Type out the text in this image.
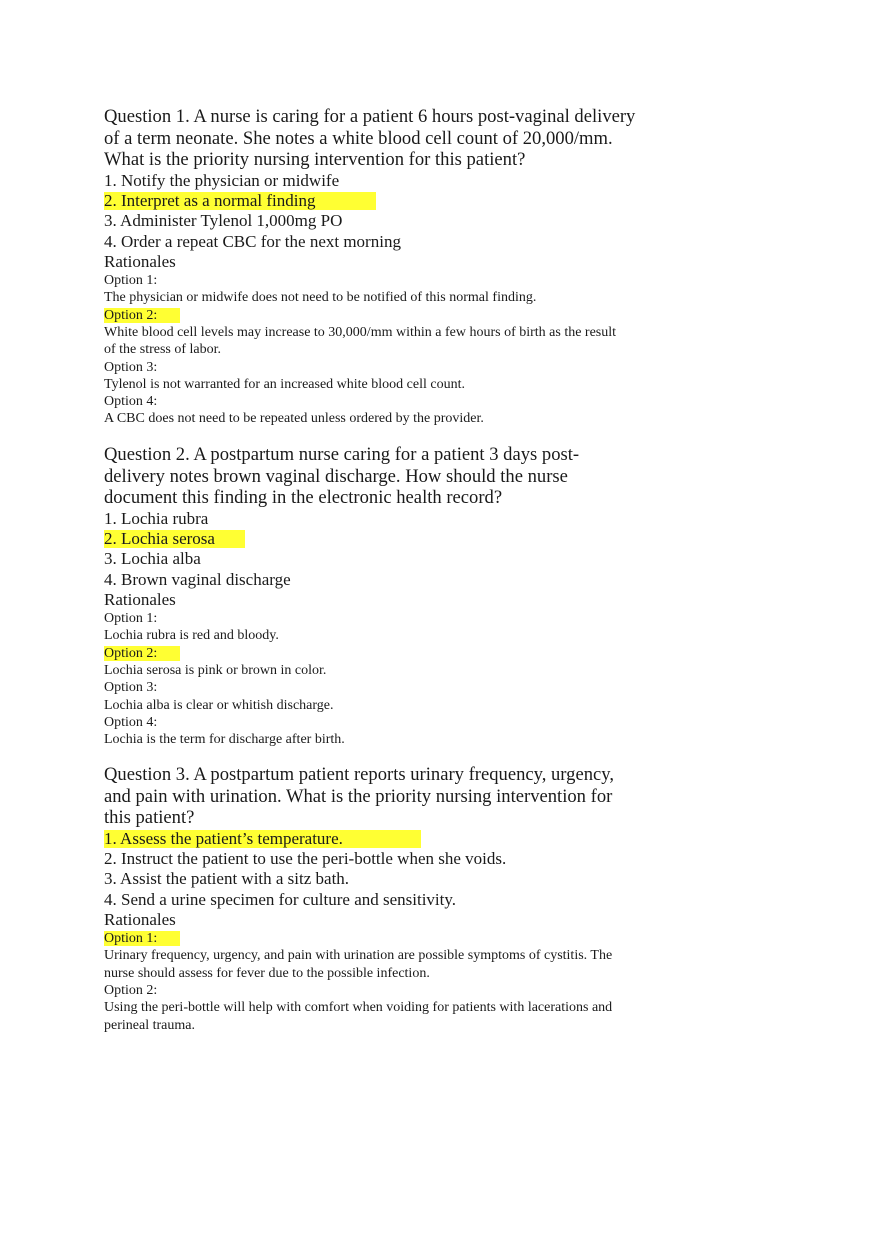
Question 1. A nurse is caring for a patient 6 hours post-vaginal delivery of a term neonate. She notes a white blood cell count of 20,000/mm. What is the priority nursing intervention for this patient?

1. Notify the physician or midwife
2. Interpret as a normal finding
3. Administer Tylenol 1,000mg PO
4. Order a repeat CBC for the next morning
Rationales
Option 1:
The physician or midwife does not need to be notified of this normal finding.
Option 2:
White blood cell levels may increase to 30,000/mm within a few hours of birth as the result of the stress of labor.
Option 3:
Tylenol is not warranted for an increased white blood cell count.
Option 4:
A CBC does not need to be repeated unless ordered by the provider.

Question 2. A postpartum nurse caring for a patient 3 days post-delivery notes brown vaginal discharge. How should the nurse document this finding in the electronic health record?

1. Lochia rubra
2. Lochia serosa
3. Lochia alba
4. Brown vaginal discharge
Rationales
Option 1:
Lochia rubra is red and bloody.
Option 2:
Lochia serosa is pink or brown in color.
Option 3:
Lochia alba is clear or whitish discharge.
Option 4:
Lochia is the term for discharge after birth.

Question 3. A postpartum patient reports urinary frequency, urgency, and pain with urination. What is the priority nursing intervention for this patient?

1. Assess the patient’s temperature.
2. Instruct the patient to use the peri-bottle when she voids.
3. Assist the patient with a sitz bath.
4. Send a urine specimen for culture and sensitivity.
Rationales
Option 1:
Urinary frequency, urgency, and pain with urination are possible symptoms of cystitis. The nurse should assess for fever due to the possible infection.
Option 2:
Using the peri-bottle will help with comfort when voiding for patients with lacerations and perineal trauma.
